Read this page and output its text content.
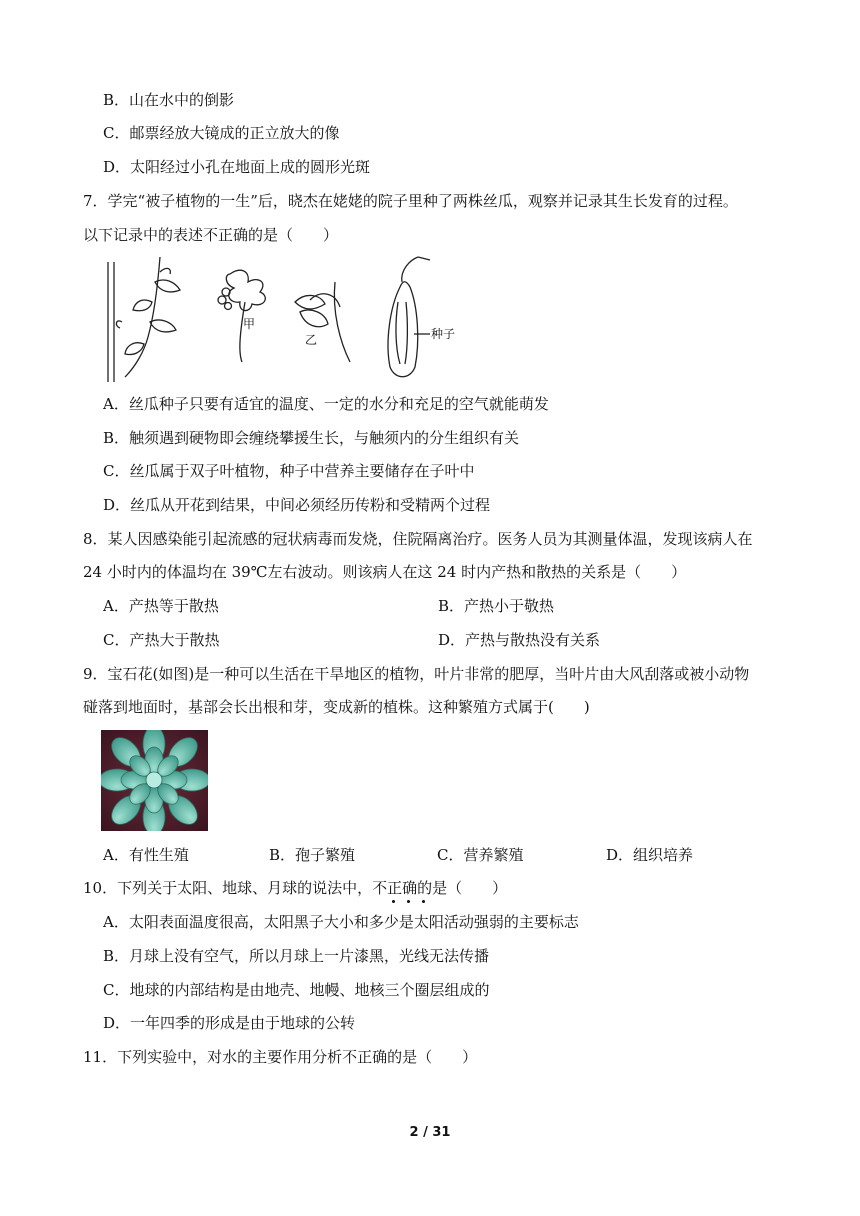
B．山在水中的倒影
C．邮票经放大镜成的正立放大的像
D．太阳经过小孔在地面上成的圆形光斑
7．学完“被子植物的一生”后，晓杰在姥姥的院子里种了两株丝瓜，观察并记录其生长发育的过程。
以下记录中的表述不正确的是（　　）
甲
乙	种子
A．丝瓜种子只要有适宜的温度、一定的水分和充足的空气就能萌发
B．触须遇到硬物即会缠绕攀援生长，与触须内的分生组织有关
C．丝瓜属于双子叶植物，种子中营养主要储存在子叶中
D．丝瓜从开花到结果，中间必须经历传粉和受精两个过程
8．某人因感染能引起流感的冠状病毒而发烧，住院隔离治疗。医务人员为其测量体温，发现该病人在
24 小时内的体温均在 39℃左右波动。则该病人在这 24 时内产热和散热的关系是（　　）
A．产热等于散热	B．产热小于敬热
C．产热大于散热	D．产热与散热没有关系
9．宝石花(如图)是一种可以生活在干旱地区的植物，叶片非常的肥厚，当叶片由大风刮落或被小动物
碰落到地面时，基部会长出根和芽，变成新的植株。这种繁殖方式属于(　　)
A．有性生殖	B．孢子繁殖	C．营养繁殖	D．组织培养
10．下列关于太阳、地球、月球的说法中，不正确的是（　　）
A．太阳表面温度很高，太阳黑子大小和多少是太阳活动强弱的主要标志
B．月球上没有空气，所以月球上一片漆黑，光线无法传播
C．地球的内部结构是由地壳、地幔、地核三个圈层组成的
D．一年四季的形成是由于地球的公转
11．下列实验中，对水的主要作用分析不正确的是（　　）
2 / 31
